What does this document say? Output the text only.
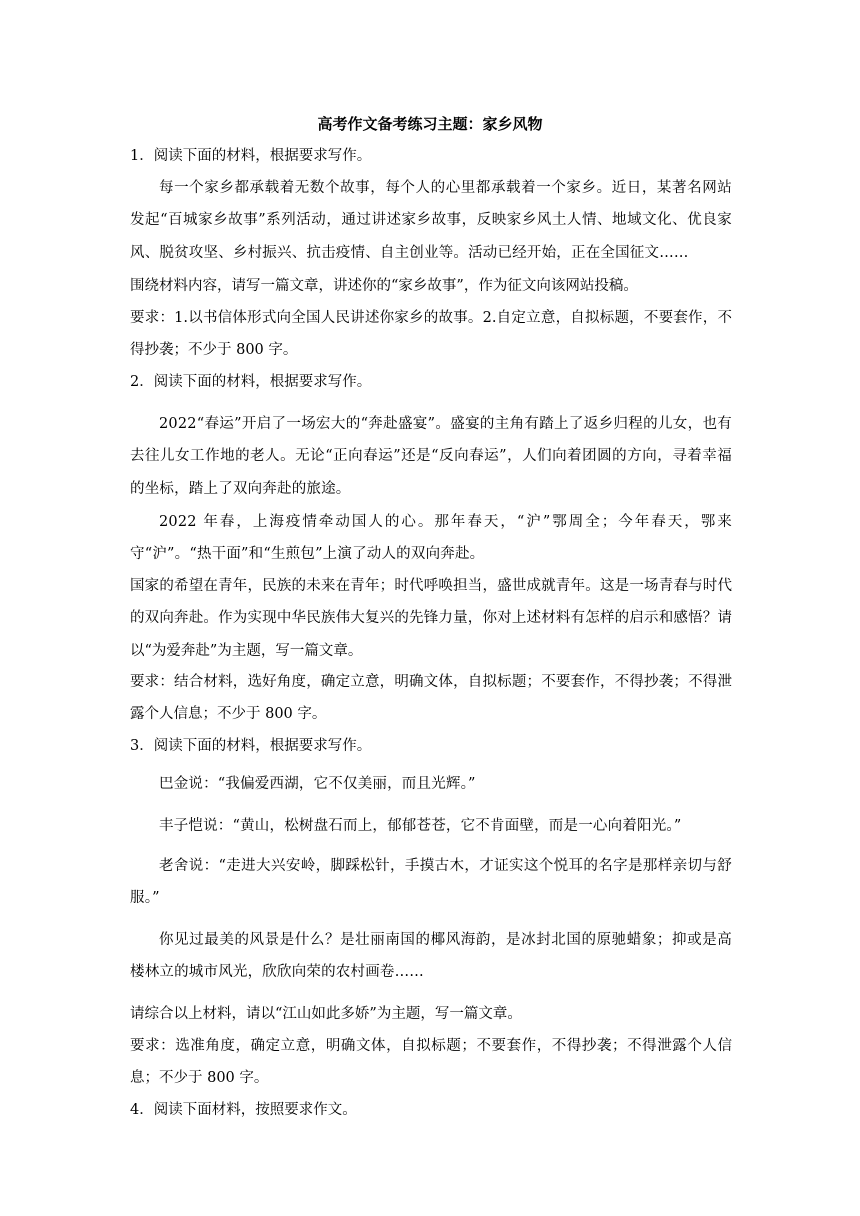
高考作文备考练习主题：家乡风物
1．阅读下面的材料，根据要求写作。
每一个家乡都承载着无数个故事，每个人的心里都承载着一个家乡。近日，某著名网站发起“百城家乡故事”系列活动，通过讲述家乡故事，反映家乡风土人情、地域文化、优良家风、脱贫攻坚、乡村振兴、抗击疫情、自主创业等。活动已经开始，正在全国征文……
围绕材料内容，请写一篇文章，讲述你的“家乡故事”，作为征文向该网站投稿。
要求：1.以书信体形式向全国人民讲述你家乡的故事。2.自定立意，自拟标题，不要套作，不得抄袭；不少于 800 字。
2．阅读下面的材料，根据要求写作。
2022“春运”开启了一场宏大的“奔赴盛宴”。盛宴的主角有踏上了返乡归程的儿女，也有去往儿女工作地的老人。无论“正向春运”还是“反向春运”，人们向着团圆的方向，寻着幸福的坐标，踏上了双向奔赴的旅途。
2022 年春，上海疫情牵动国人的心。那年春天，“沪”鄂周全；今年春天，鄂来守“沪”。“热干面”和“生煎包”上演了动人的双向奔赴。
国家的希望在青年，民族的未来在青年；时代呼唤担当，盛世成就青年。这是一场青春与时代的双向奔赴。作为实现中华民族伟大复兴的先锋力量，你对上述材料有怎样的启示和感悟？请以“为爱奔赴”为主题，写一篇文章。
要求：结合材料，选好角度，确定立意，明确文体，自拟标题；不要套作，不得抄袭；不得泄露个人信息；不少于 800 字。
3．阅读下面的材料，根据要求写作。
巴金说：“我偏爱西湖，它不仅美丽，而且光辉。”
丰子恺说：“黄山，松树盘石而上，郁郁苍苍，它不肯面壁，而是一心向着阳光。”
老舍说：“走进大兴安岭，脚踩松针，手摸古木，才证实这个悦耳的名字是那样亲切与舒服。”
你见过最美的风景是什么？是壮丽南国的椰风海韵，是冰封北国的原驰蜡象；抑或是高楼林立的城市风光，欣欣向荣的农村画卷……
请综合以上材料，请以“江山如此多娇”为主题，写一篇文章。
要求：选准角度，确定立意，明确文体，自拟标题；不要套作，不得抄袭；不得泄露个人信息；不少于 800 字。
4．阅读下面材料，按照要求作文。
